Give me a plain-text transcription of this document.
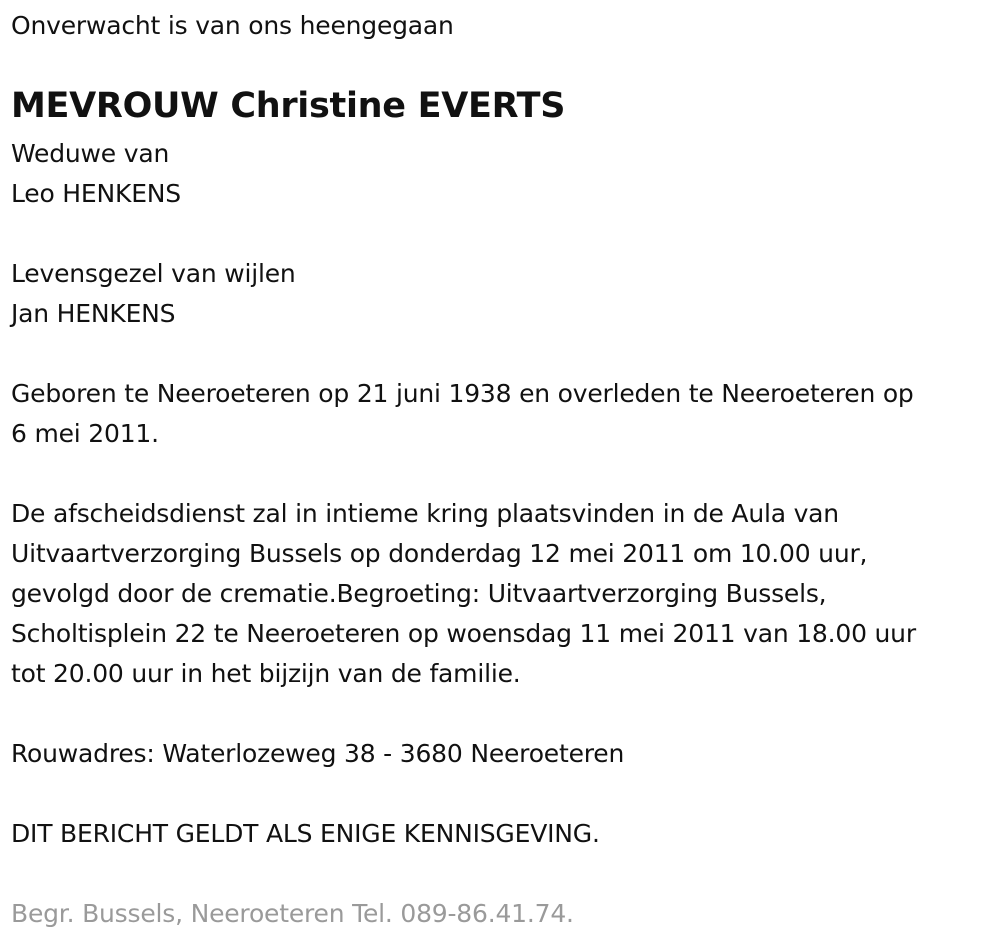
Onverwacht is van ons heengegaan
MEVROUW Christine EVERTS
Weduwe van
Leo HENKENS
Levensgezel van wijlen
Jan HENKENS
Geboren te Neeroeteren op 21 juni 1938 en overleden te Neeroeteren op
6 mei 2011.
De afscheidsdienst zal in intieme kring plaatsvinden in de Aula van
Uitvaartverzorging Bussels op donderdag 12 mei 2011 om 10.00 uur,
gevolgd door de crematie.Begroeting: Uitvaartverzorging Bussels,
Scholtisplein 22 te Neeroeteren op woensdag 11 mei 2011 van 18.00 uur
tot 20.00 uur in het bijzijn van de familie.
Rouwadres: Waterlozeweg 38 - 3680 Neeroeteren
DIT BERICHT GELDT ALS ENIGE KENNISGEVING.
Begr. Bussels, Neeroeteren Tel. 089-86.41.74.
